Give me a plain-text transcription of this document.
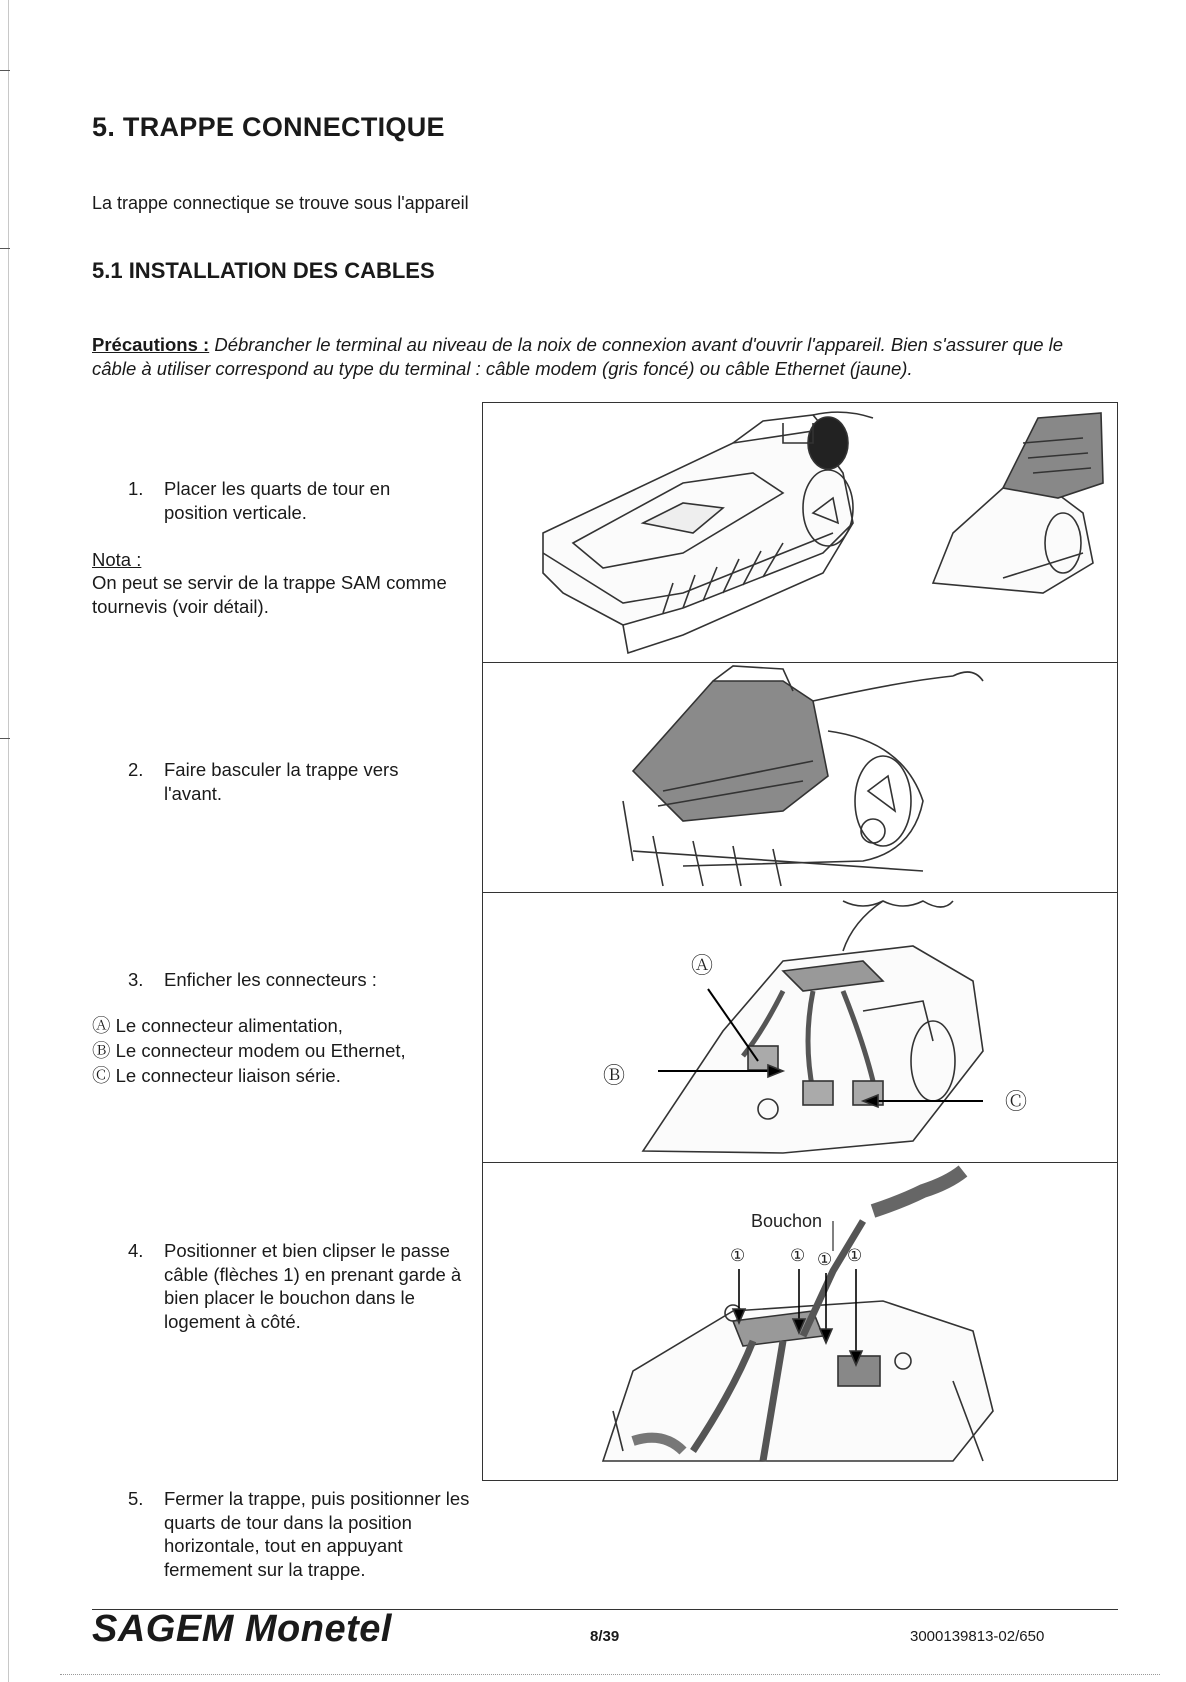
5. TRAPPE CONNECTIQUE
La trappe connectique se trouve sous l'appareil
5.1 INSTALLATION DES CABLES
Précautions : Débrancher le terminal au niveau de la noix de connexion avant d'ouvrir l'appareil. Bien s'assurer que le câble à utiliser correspond au type du terminal : câble modem (gris foncé) ou câble Ethernet (jaune).
1.	Placer les quarts de tour en position verticale.
Nota :
On peut se servir de la trappe SAM comme tournevis (voir détail).
2.	Faire basculer la trappe vers l'avant.
3.	Enficher les connecteurs :
Ⓐ Le connecteur alimentation,
Ⓑ Le connecteur modem ou Ethernet,
Ⓒ Le connecteur liaison série.
4.	Positionner et bien clipser le passe câble (flèches 1) en prenant garde à bien placer le bouchon dans le logement à côté.
5.	Fermer la trappe, puis positionner les quarts de tour dans la position horizontale, tout en appuyant fermement sur la trappe.
Ⓐ
Ⓑ
Ⓒ
Bouchon
①	① ① ①
SAGEM Monetel	8/39	3000139813-02/650
